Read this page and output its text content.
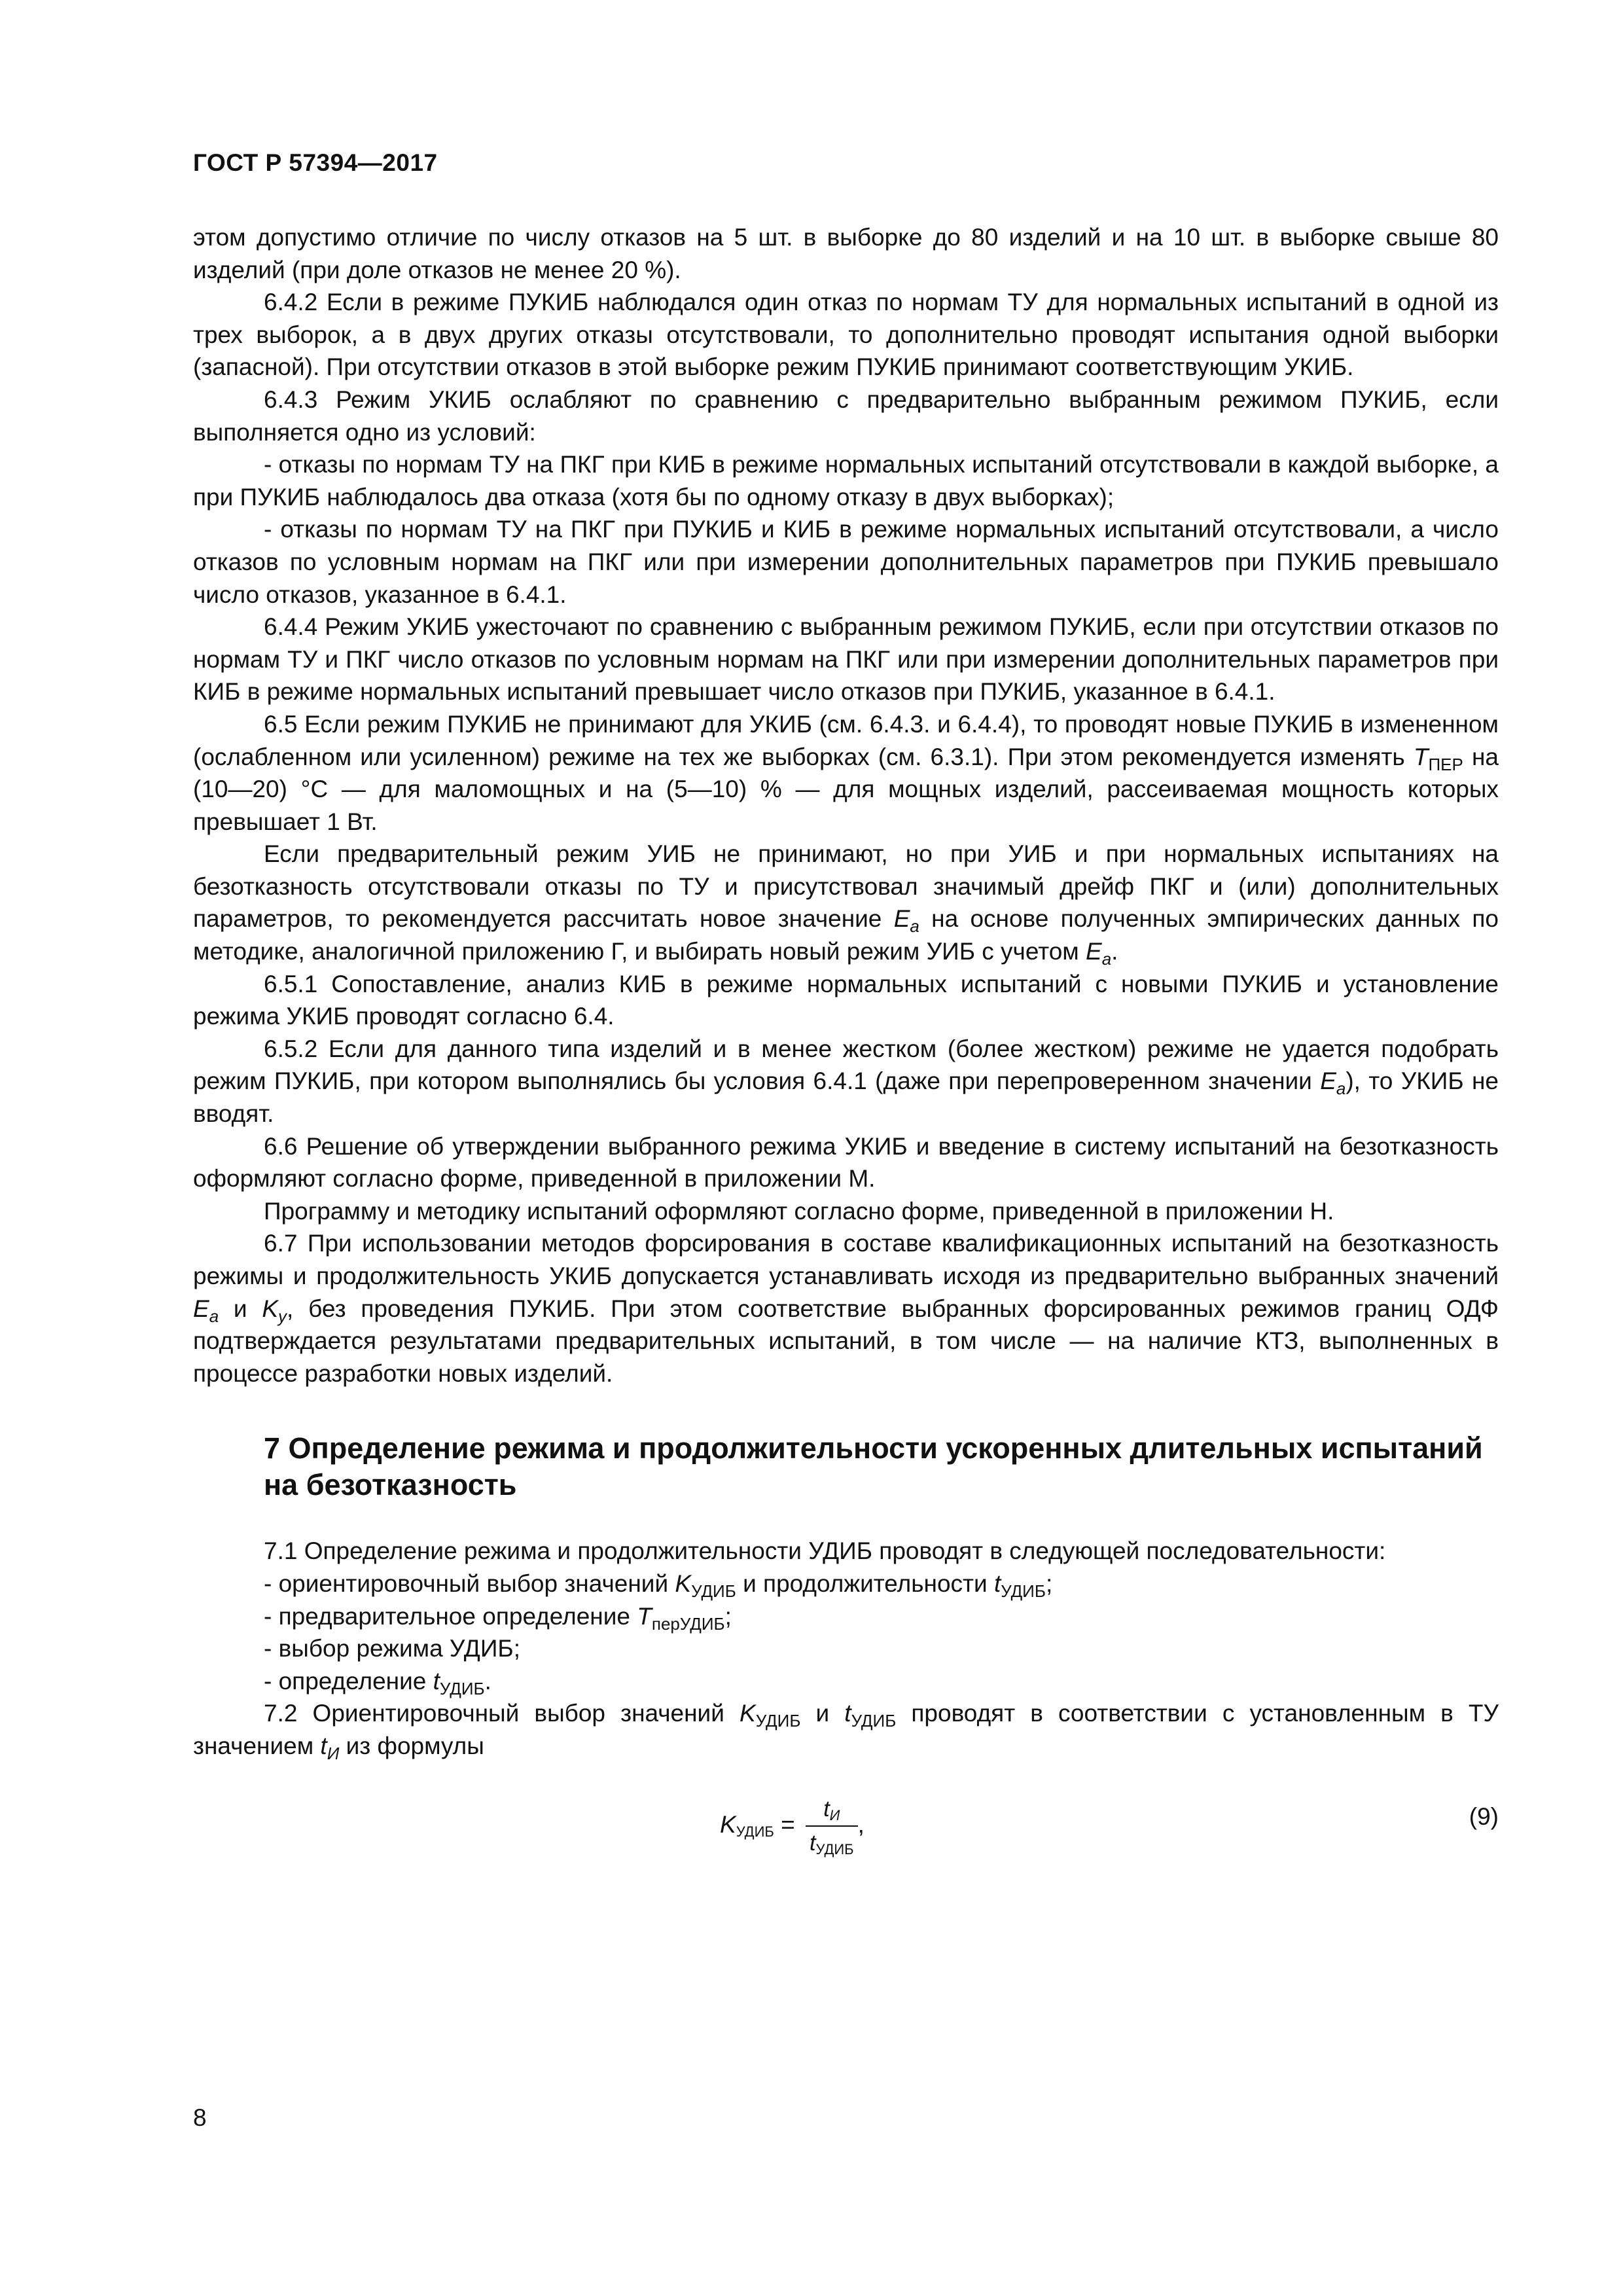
ГОСТ Р 57394—2017

этом допустимо отличие по числу отказов на 5 шт. в выборке до 80 изделий и на 10 шт. в выборке свыше 80 изделий (при доле отказов не менее 20 %).

6.4.2 Если в режиме ПУКИБ наблюдался один отказ по нормам ТУ для нормальных испытаний в одной из трех выборок, а в двух других отказы отсутствовали, то дополнительно проводят испытания одной выборки (запасной). При отсутствии отказов в этой выборке режим ПУКИБ принимают соответствующим УКИБ.

6.4.3 Режим УКИБ ослабляют по сравнению с предварительно выбранным режимом ПУКИБ, если выполняется одно из условий:

- отказы по нормам ТУ на ПКГ при КИБ в режиме нормальных испытаний отсутствовали в каждой выборке, а при ПУКИБ наблюдалось два отказа (хотя бы по одному отказу в двух выборках);

- отказы по нормам ТУ на ПКГ при ПУКИБ и КИБ в режиме нормальных испытаний отсутствовали, а число отказов по условным нормам на ПКГ или при измерении дополнительных параметров при ПУКИБ превышало число отказов, указанное в 6.4.1.

6.4.4 Режим УКИБ ужесточают по сравнению с выбранным режимом ПУКИБ, если при отсутствии отказов по нормам ТУ и ПКГ число отказов по условным нормам на ПКГ или при измерении дополнительных параметров при КИБ в режиме нормальных испытаний превышает число отказов при ПУКИБ, указанное в 6.4.1.

6.5 Если режим ПУКИБ не принимают для УКИБ (см. 6.4.3. и 6.4.4), то проводят новые ПУКИБ в измененном (ослабленном или усиленном) режиме на тех же выборках (см. 6.3.1). При этом рекомендуется изменять $T_{ПЕР}$ на (10—20) °С — для маломощных и на (5—10) % — для мощных изделий, рассеиваемая мощность которых превышает 1 Вт.

Если предварительный режим УИБ не принимают, но при УИБ и при нормальных испытаниях на безотказность отсутствовали отказы по ТУ и присутствовал значимый дрейф ПКГ и (или) дополнительных параметров, то рекомендуется рассчитать новое значение $E_a$ на основе полученных эмпирических данных по методике, аналогичной приложению Г, и выбирать новый режим УИБ с учетом $E_a$.

6.5.1 Сопоставление, анализ КИБ в режиме нормальных испытаний с новыми ПУКИБ и установление режима УКИБ проводят согласно 6.4.

6.5.2 Если для данного типа изделий и в менее жестком (более жестком) режиме не удается подобрать режим ПУКИБ, при котором выполнялись бы условия 6.4.1 (даже при перепроверенном значении $E_a$), то УКИБ не вводят.

6.6 Решение об утверждении выбранного режима УКИБ и введение в систему испытаний на безотказность оформляют согласно форме, приведенной в приложении М.

Программу и методику испытаний оформляют согласно форме, приведенной в приложении Н.

6.7 При использовании методов форсирования в составе квалификационных испытаний на безотказность режимы и продолжительность УКИБ допускается устанавливать исходя из предварительно выбранных значений $E_a$ и $K_у$, без проведения ПУКИБ. При этом соответствие выбранных форсированных режимов границ ОДФ подтверждается результатами предварительных испытаний, в том числе — на наличие КТЗ, выполненных в процессе разработки новых изделий.

7 Определение режима и продолжительности ускоренных длительных испытаний на безотказность

7.1 Определение режима и продолжительности УДИБ проводят в следующей последовательности:

- ориентировочный выбор значений $K_{УДИБ}$ и продолжительности $t_{УДИБ}$;

- предварительное определение $T_{перУДИБ}$;

- выбор режима УДИБ;

- определение $t_{УДИБ}$.

7.2 Ориентировочный выбор значений $K_{УДИБ}$ и $t_{УДИБ}$ проводят в соответствии с установленным в ТУ значением $t_И$ из формулы

$K_{УДИБ} = \frac{t_И}{t_{УДИБ}}$ ,	(9)
8
